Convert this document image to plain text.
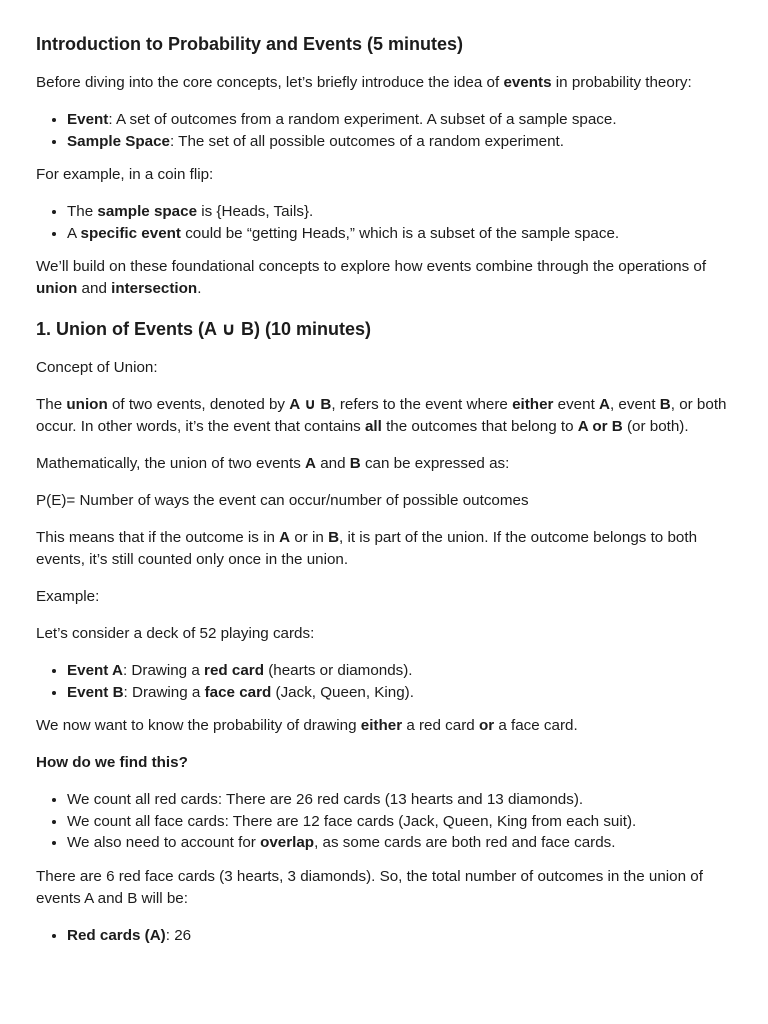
Introduction to Probability and Events (5 minutes)

Before diving into the core concepts, let’s briefly introduce the idea of events in probability theory:

• Event: A set of outcomes from a random experiment. A subset of a sample space.
• Sample Space: The set of all possible outcomes of a random experiment.

For example, in a coin flip:

• The sample space is {Heads, Tails}.
• A specific event could be “getting Heads,” which is a subset of the sample space.

We’ll build on these foundational concepts to explore how events combine through the operations of union and intersection.

1. Union of Events (A ∪ B) (10 minutes)

Concept of Union:

The union of two events, denoted by A ∪ B, refers to the event where either event A, event B, or both occur. In other words, it’s the event that contains all the outcomes that belong to A or B (or both).

Mathematically, the union of two events A and B can be expressed as:

P(E)= Number of ways the event can occur/number of possible outcomes

This means that if the outcome is in A or in B, it is part of the union. If the outcome belongs to both events, it’s still counted only once in the union.

Example:

Let’s consider a deck of 52 playing cards:

• Event A: Drawing a red card (hearts or diamonds).
• Event B: Drawing a face card (Jack, Queen, King).

We now want to know the probability of drawing either a red card or a face card.

How do we find this?

• We count all red cards: There are 26 red cards (13 hearts and 13 diamonds).
• We count all face cards: There are 12 face cards (Jack, Queen, King from each suit).
• We also need to account for overlap, as some cards are both red and face cards.

There are 6 red face cards (3 hearts, 3 diamonds). So, the total number of outcomes in the union of events A and B will be:

• Red cards (A): 26
